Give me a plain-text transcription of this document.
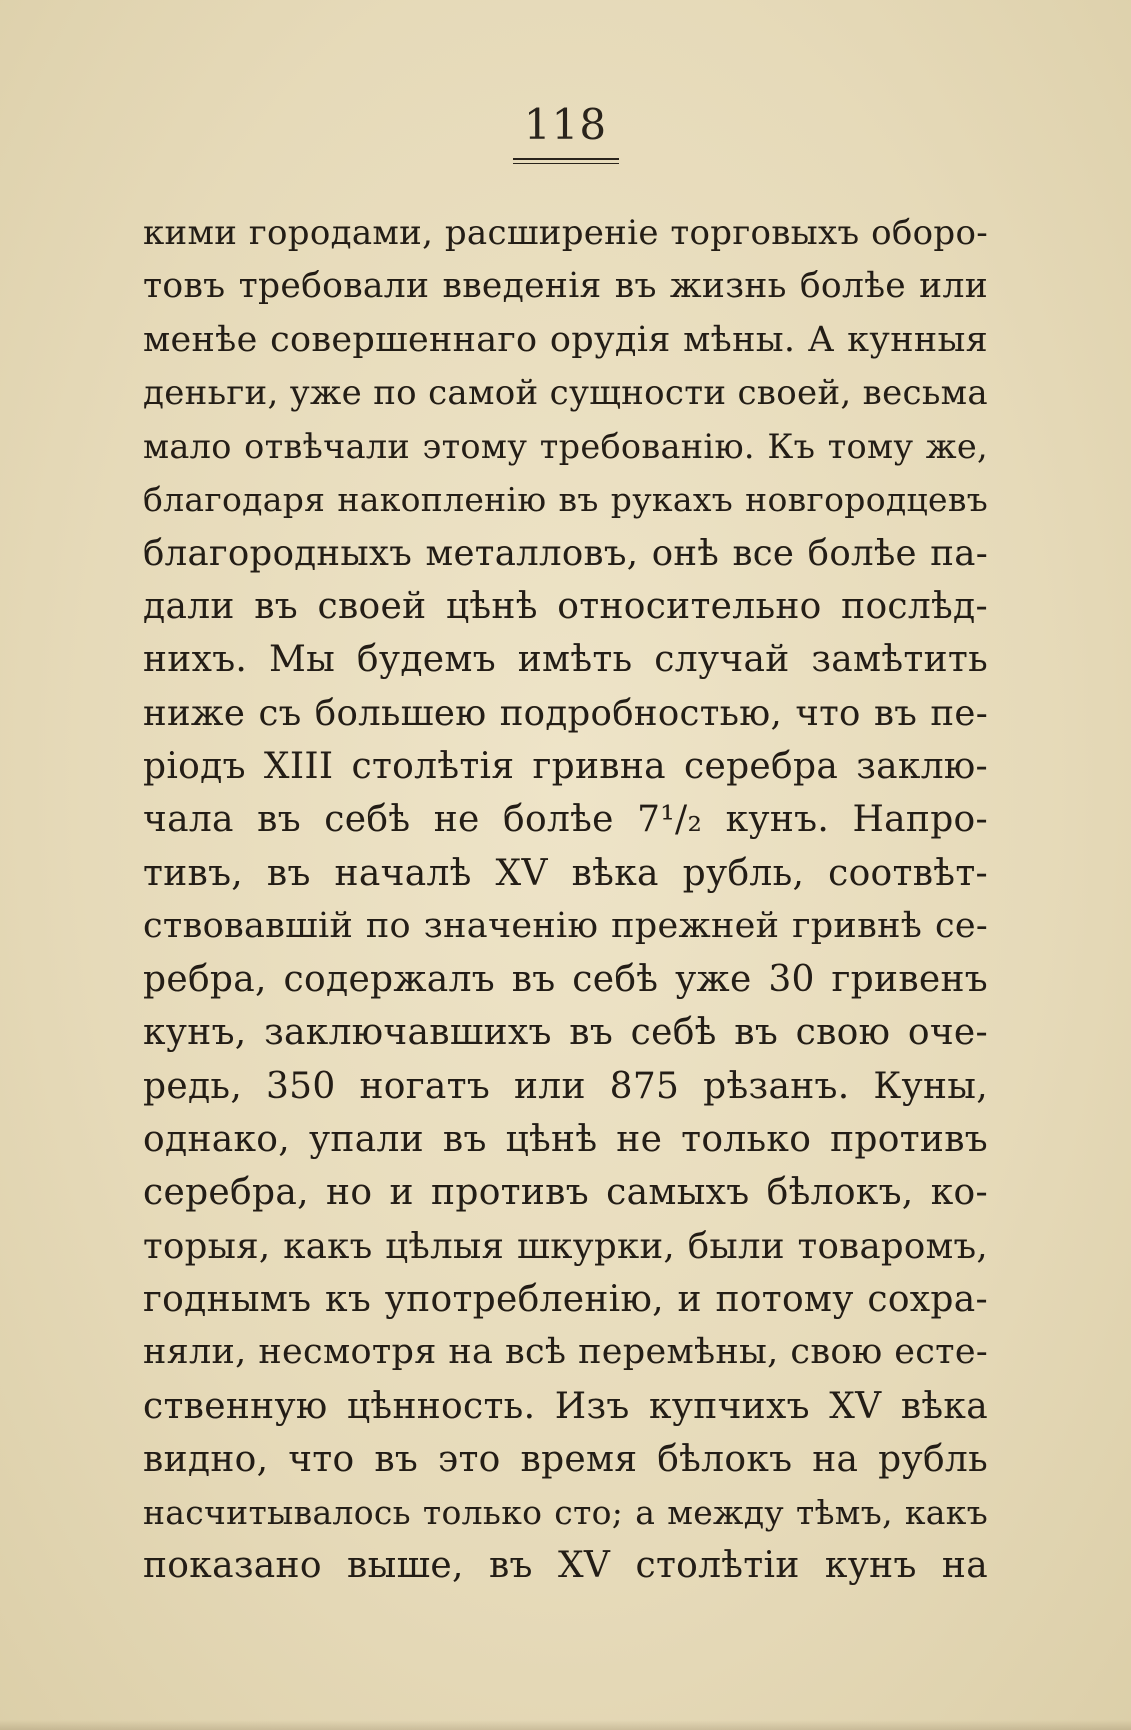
118
кими городами, расширеніе торговыхъ оборо-
товъ требовали введенія въ жизнь болѣе или
менѣе совершеннаго орудія мѣны. А кунныя
деньги, уже по самой сущности своей, весьма
мало отвѣчали этому требованію. Къ тому же,
благодаря накопленію въ рукахъ новгородцевъ
благородныхъ металловъ, онѣ все болѣе па-
дали въ своей цѣнѣ относительно послѣд-
нихъ. Мы будемъ имѣть случай замѣтить
ниже съ большею подробностью, что въ пе-
ріодъ XIII столѣтія гривна серебра заклю-
чала въ себѣ не болѣе 7¹/₂ кунъ. Напро-
тивъ, въ началѣ XV вѣка рубль, соотвѣт-
ствовавшій по значенію прежней гривнѣ се-
ребра, содержалъ въ себѣ уже 30 гривенъ
кунъ, заключавшихъ въ себѣ въ свою оче-
редь, 350 ногатъ или 875 рѣзанъ. Куны,
однако, упали въ цѣнѣ не только противъ
серебра, но и противъ самыхъ бѣлокъ, ко-
торыя, какъ цѣлыя шкурки, были товаромъ,
годнымъ къ употребленію, и потому сохра-
няли, несмотря на всѣ перемѣны, свою есте-
ственную цѣнность. Изъ купчихъ XV вѣка
видно, что въ это время бѣлокъ на рубль
насчитывалось только сто; а между тѣмъ, какъ
показано выше, въ XV столѣтіи кунъ на
